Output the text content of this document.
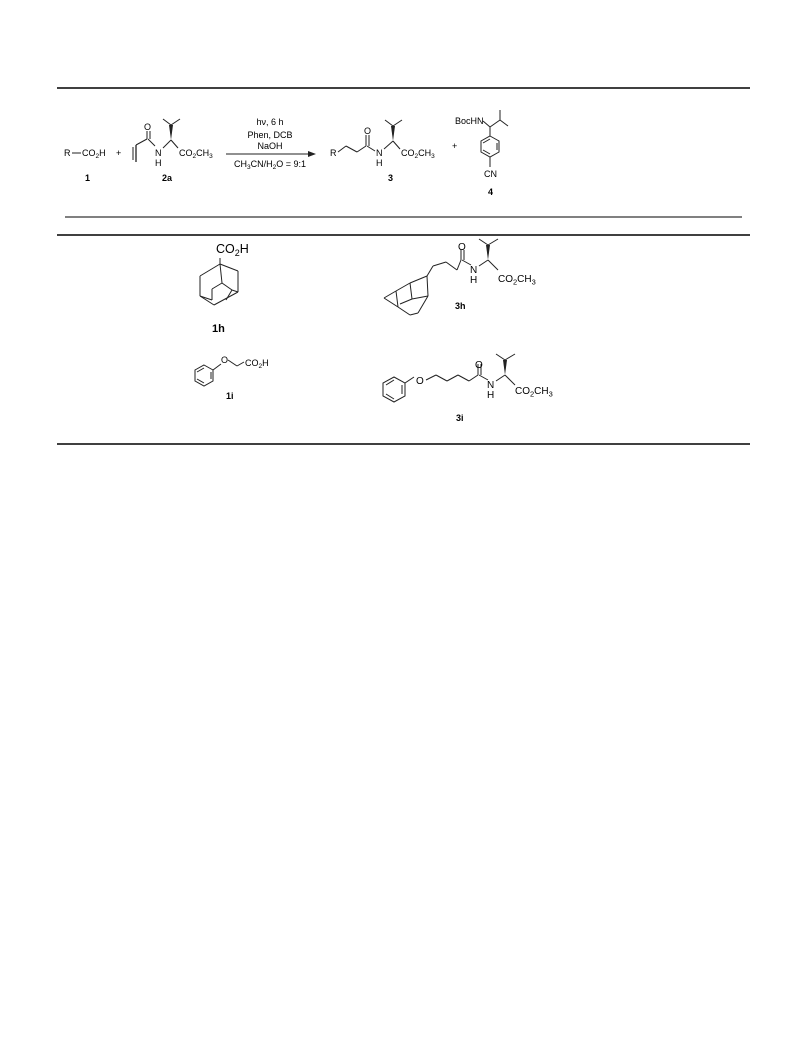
R $CO_2H$
1
+
O
N
H
$CO_2CH_3$
2a
hν, 6 h
Phen, DCB
NaOH
$CH_3CN/H_2O$ = 9:1
R
O
N
H
$CO_2CH_3$
3
+
BocHN
CN
4
$CO_2H$
1h
O
N
H $CO_2CH_3$
3h
O $CO_2H$
1i
O
O
N
H $CO_2CH_3$
3i
